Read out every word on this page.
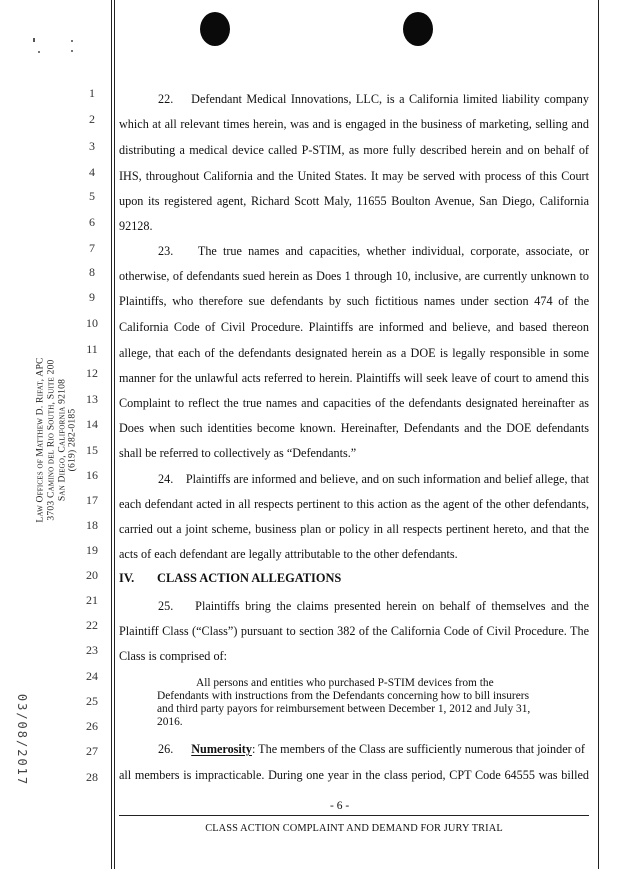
Law Offices of Matthew D. Rifat, APC 3703 Camino del Rio South, Suite 200 San Diego, California 92108 (619) 282-0185
03/08/2017
1
2
3
4
5
6
7
8
9
10
11
12
13
14
15
16
17
18
19
20
21
22
23
24
25
26
27
28
22.    Defendant Medical Innovations, LLC, is a California limited liability company
which at all relevant times herein, was and is engaged in the business of marketing, selling and
distributing a medical device called P-STIM, as more fully described herein and on behalf of
IHS, throughout California and the United States. It may be served with process of this Court
upon its registered agent, Richard Scott Maly, 11655 Boulton Avenue, San Diego, California
92128.
23.    The true names and capacities, whether individual, corporate, associate, or
otherwise, of defendants sued herein as Does 1 through 10, inclusive, are currently unknown to
Plaintiffs, who therefore sue defendants by such fictitious names under section 474 of the
California Code of Civil Procedure. Plaintiffs are informed and believe, and based thereon
allege, that each of the defendants designated herein as a DOE is legally responsible in some
manner for the unlawful acts referred to herein. Plaintiffs will seek leave of court to amend this
Complaint to reflect the true names and capacities of the defendants designated hereinafter as
Does when such identities become known. Hereinafter, Defendants and the DOE defendants
shall be referred to collectively as “Defendants.”
24.    Plaintiffs are informed and believe, and on such information and belief allege, that
each defendant acted in all respects pertinent to this action as the agent of the other defendants,
carried out a joint scheme, business plan or policy in all respects pertinent hereto, and that the
acts of each defendant are legally attributable to the other defendants.
IV. CLASS ACTION ALLEGATIONS
25.    Plaintiffs bring the claims presented herein on behalf of themselves and the
Plaintiff Class (“Class”) pursuant to section 382 of the California Code of Civil Procedure. The
Class is comprised of:
All persons and entities who purchased P-STIM devices from the
Defendants with instructions from the Defendants concerning how to bill insurers
and third party payors for reimbursement between December 1, 2012 and July 31,
2016.
26. Numerosity: The members of the Class are sufficiently numerous that joinder of
all members is impracticable. During one year in the class period, CPT Code 64555 was billed
- 6 -
CLASS ACTION COMPLAINT AND DEMAND FOR JURY TRIAL
